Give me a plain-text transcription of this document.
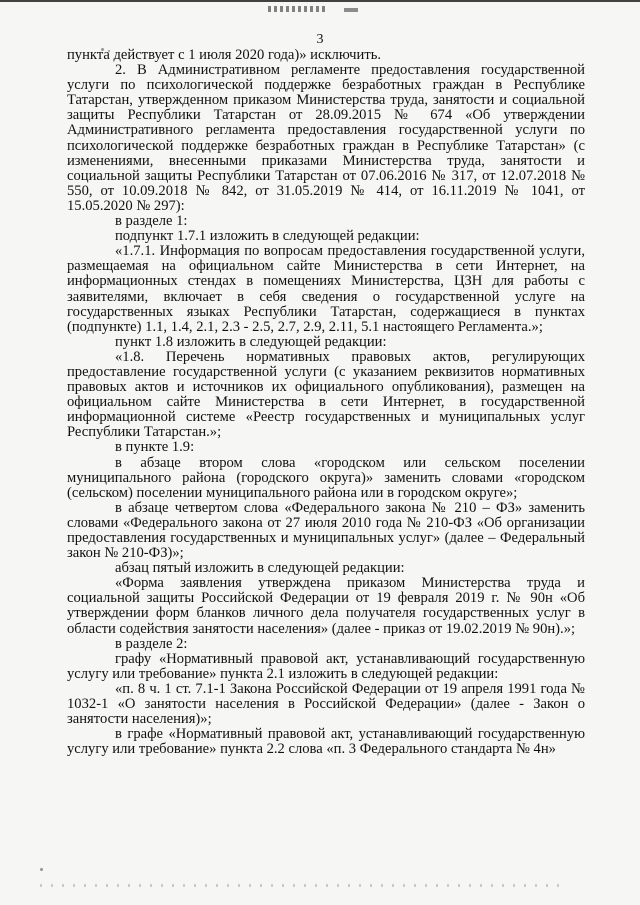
3

пункта действует с 1 июля 2020 года)» исключить.

2. В Административном регламенте предоставления государственной услуги по психологической поддержке безработных граждан в Республике Татарстан, утвержденном приказом Министерства труда, занятости и социальной защиты Республики Татарстан от 28.09.2015 № 674 «Об утверждении Административного регламента предоставления государственной услуги по психологической поддержке безработных граждан в Республике Татарстан» (с изменениями, внесенными приказами Министерства труда, занятости и социальной защиты Республики Татарстан от 07.06.2016 № 317, от 12.07.2018 № 550, от 10.09.2018 № 842, от 31.05.2019 № 414, от 16.11.2019 № 1041, от 15.05.2020 № 297):

в разделе 1:

подпункт 1.7.1 изложить в следующей редакции:

«1.7.1. Информация по вопросам предоставления государственной услуги, размещаемая на официальном сайте Министерства в сети Интернет, на информационных стендах в помещениях Министерства, ЦЗН для работы с заявителями, включает в себя сведения о государственной услуге на государственных языках Республики Татарстан, содержащиеся в пунктах (подпункте) 1.1, 1.4, 2.1, 2.3 - 2.5, 2.7, 2.9, 2.11, 5.1 настоящего Регламента.»;

пункт 1.8 изложить в следующей редакции:

«1.8. Перечень нормативных правовых актов, регулирующих предоставление государственной услуги (с указанием реквизитов нормативных правовых актов и источников их официального опубликования), размещен на официальном сайте Министерства в сети Интернет, в государственной информационной системе «Реестр государственных и муниципальных услуг Республики Татарстан.»;

в пункте 1.9:

в абзаце втором слова «городском или сельском поселении муниципального района (городского округа)» заменить словами «городском (сельском) поселении муниципального района или в городском округе»;

в абзаце четвертом слова «Федерального закона № 210 – ФЗ» заменить словами «Федерального закона от 27 июля 2010 года № 210-ФЗ «Об организации предоставления государственных и муниципальных услуг» (далее – Федеральный закон № 210-ФЗ)»;

абзац пятый изложить в следующей редакции:

«Форма заявления утверждена приказом Министерства труда и социальной защиты Российской Федерации от 19 февраля 2019 г. № 90н «Об утверждении форм бланков личного дела получателя государственных услуг в области содействия занятости населения» (далее - приказ от 19.02.2019 № 90н).»;

в разделе 2:

графу «Нормативный правовой акт, устанавливающий государственную услугу или требование» пункта 2.1 изложить в следующей редакции:

«п. 8 ч. 1 ст. 7.1-1 Закона Российской Федерации от 19 апреля 1991 года № 1032-1 «О занятости населения в Российской Федерации» (далее - Закон о занятости населения)»;

в графе «Нормативный правовой акт, устанавливающий государственную услугу или требование» пункта 2.2 слова «п. 3 Федерального стандарта № 4н»
